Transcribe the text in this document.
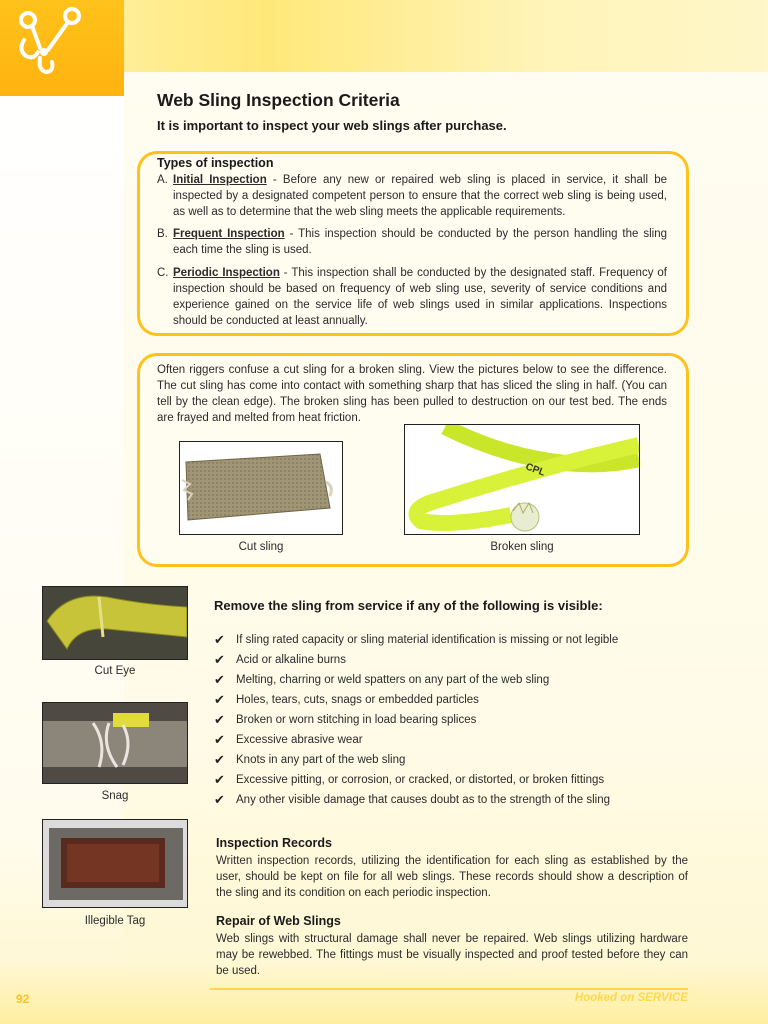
Web Sling Inspection Criteria
It is important to inspect your web slings after purchase.
Types of inspection
A. Initial Inspection - Before any new or repaired web sling is placed in service, it shall be inspected by a designated competent person to ensure that the correct web sling is being used, as well as to determine that the web sling meets the applicable requirements.
B. Frequent Inspection - This inspection should be conducted by the person handling the sling each time the sling is used.
C. Periodic Inspection - This inspection shall be conducted by the designated staff. Frequency of inspection should be based on frequency of web sling use, severity of service conditions and experience gained on the service life of web slings used in similar applications. Inspections should be conducted at least annually.
Often riggers confuse a cut sling for a broken sling. View the pictures below to see the difference. The cut sling has come into contact with something sharp that has sliced the sling in half. (You can tell by the clean edge). The broken sling has been pulled to destruction on our test bed. The ends are frayed and melted from heat friction.
Cut sling
CPL
Broken sling
Cut Eye
Snag
Illegible Tag
Remove the sling from service if any of the following is visible:
✔ If sling rated capacity or sling material identification is missing or not legible
✔ Acid or alkaline burns
✔ Melting, charring or weld spatters on any part of the web sling
✔ Holes, tears, cuts, snags or embedded particles
✔ Broken or worn stitching in load bearing splices
✔ Excessive abrasive wear
✔ Knots in any part of the web sling
✔ Excessive pitting, or corrosion, or cracked, or distorted, or broken fittings
✔ Any other visible damage that causes doubt as to the strength of the sling
Inspection Records
Written inspection records, utilizing the identification for each sling as established by the user, should be kept on file for all web slings. These records should show a description of the sling and its condition on each periodic inspection.
Repair of Web Slings
Web slings with structural damage shall never be repaired. Web slings utilizing hardware may be rewebbed. The fittings must be visually inspected and proof tested before they can be used.
92	Hooked on SERVICE
